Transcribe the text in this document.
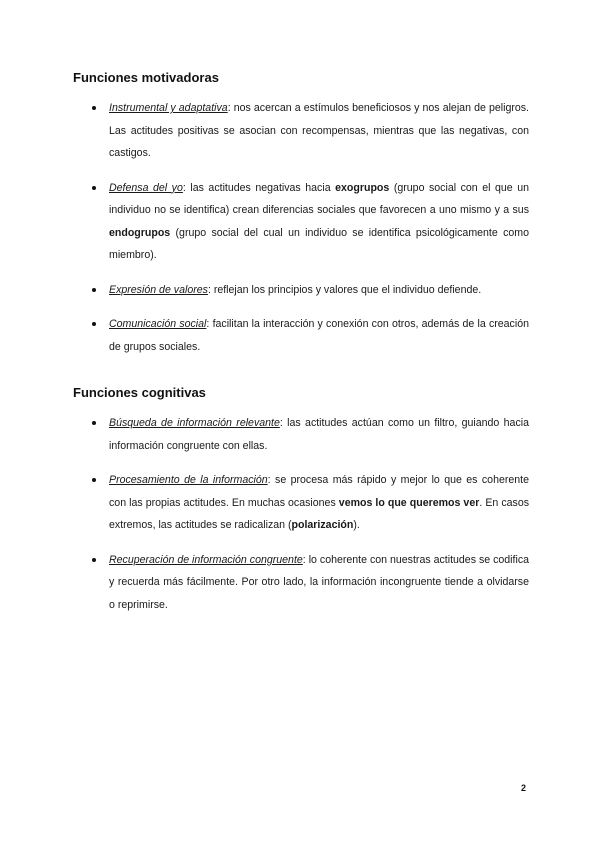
Funciones motivadoras
Instrumental y adaptativa: nos acercan a estímulos beneficiosos y nos alejan de peligros. Las actitudes positivas se asocian con recompensas, mientras que las negativas, con castigos.
Defensa del yo: las actitudes negativas hacia exogrupos (grupo social con el que un individuo no se identifica) crean diferencias sociales que favorecen a uno mismo y a sus endogrupos (grupo social del cual un individuo se identifica psicológicamente como miembro).
Expresión de valores: reflejan los principios y valores que el individuo defiende.
Comunicación social: facilitan la interacción y conexión con otros, además de la creación de grupos sociales.
Funciones cognitivas
Búsqueda de información relevante: las actitudes actúan como un filtro, guiando hacia información congruente con ellas.
Procesamiento de la información: se procesa más rápido y mejor lo que es coherente con las propias actitudes. En muchas ocasiones vemos lo que queremos ver. En casos extremos, las actitudes se radicalizan (polarización).
Recuperación de información congruente: lo coherente con nuestras actitudes se codifica y recuerda más fácilmente. Por otro lado, la información incongruente tiende a olvidarse o reprimirse.
2
